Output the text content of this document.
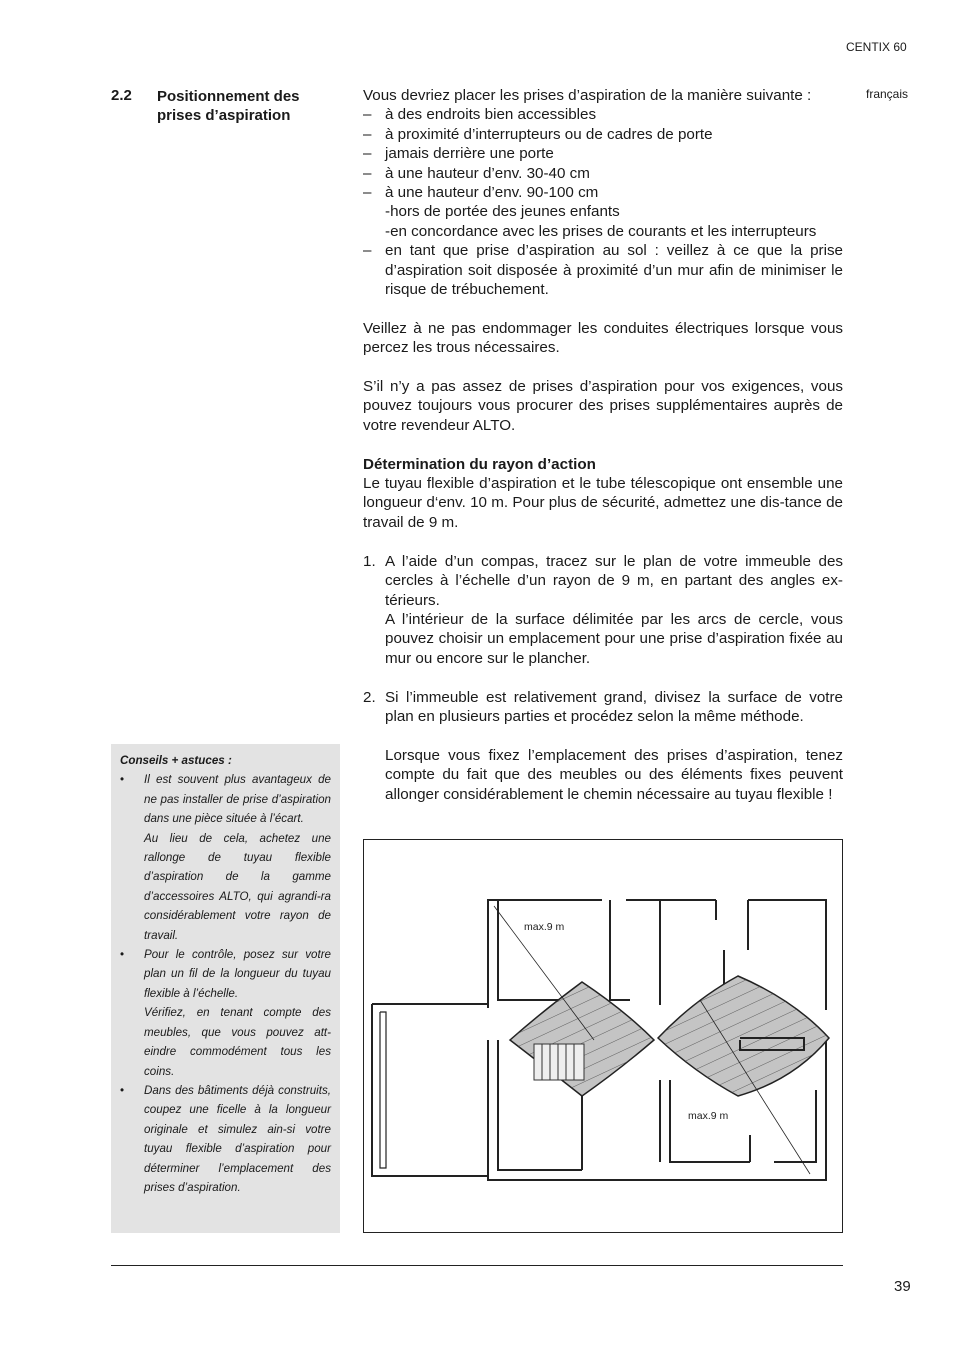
CENTIX 60
français
2.2 Positionnement des
prises d’aspiration

Vous devriez placer les prises d’aspiration de la manière suivante :

– à des endroits bien accessibles
– à proximité d’interrupteurs ou de cadres de porte
– jamais derrière une porte
– à une hauteur d’env. 30-40 cm
– à une hauteur d’env. 90-100 cm
- hors de portée des jeunes enfants
- en concordance avec les prises de courants et les interrupteurs
– en tant que prise d’aspiration au sol : veillez à ce que la prise d’aspiration soit disposée à proximité d’un mur afin de minimiser le risque de trébuchement.

Veillez à ne pas endommager les conduites électriques lorsque vous percez les trous nécessaires.

S’il n’y a pas assez de prises d’aspiration pour vos exigences, vous pouvez toujours vous procurer des prises supplémentaires auprès de votre revendeur ALTO.

Détermination du rayon d’action

Le tuyau flexible d’aspiration et le tube télescopique ont ensemble une longueur d‘env. 10 m. Pour plus de sécurité, admettez une dis-tance de travail de 9 m.

1. A l’aide d’un compas, tracez sur le plan de votre immeuble des cercles à l’échelle d’un rayon de 9 m, en partant des angles ex-térieurs.

A l’intérieur de la surface délimitée par les arcs de cercle, vous pouvez choisir un emplacement pour une prise d’aspiration fixée au mur ou encore sur le plancher.

2. Si l’immeuble est relativement grand, divisez la surface de votre plan en plusieurs parties et procédez selon la même méthode.

Lorsque vous fixez l’emplacement des prises d’aspiration, tenez compte du fait que des meubles ou des éléments fixes peuvent allonger considérablement le chemin nécessaire au tuyau flexible !

Conseils + astuces :
•	Il est souvent plus avantageux de ne pas installer de prise d’aspiration dans une pièce située à l’écart.
Au lieu de cela, achetez une rallonge de tuyau flexible d’aspiration de la gamme d’accessoires ALTO, qui agrandi-ra considérablement votre rayon de travail.
•	Pour le contrôle, posez sur votre plan un fil de la longueur du tuyau flexible à l’échelle.
Vérifiez, en tenant compte des meubles, que vous pouvez att-eindre commodément tous les coins.
•	Dans des bâtiments déjà construits, coupez une ficelle à la longueur originale et simulez ain-si votre tuyau flexible d’aspiration pour déterminer l’emplacement des prises d’aspiration.
max.9 m
max.9 m
39
